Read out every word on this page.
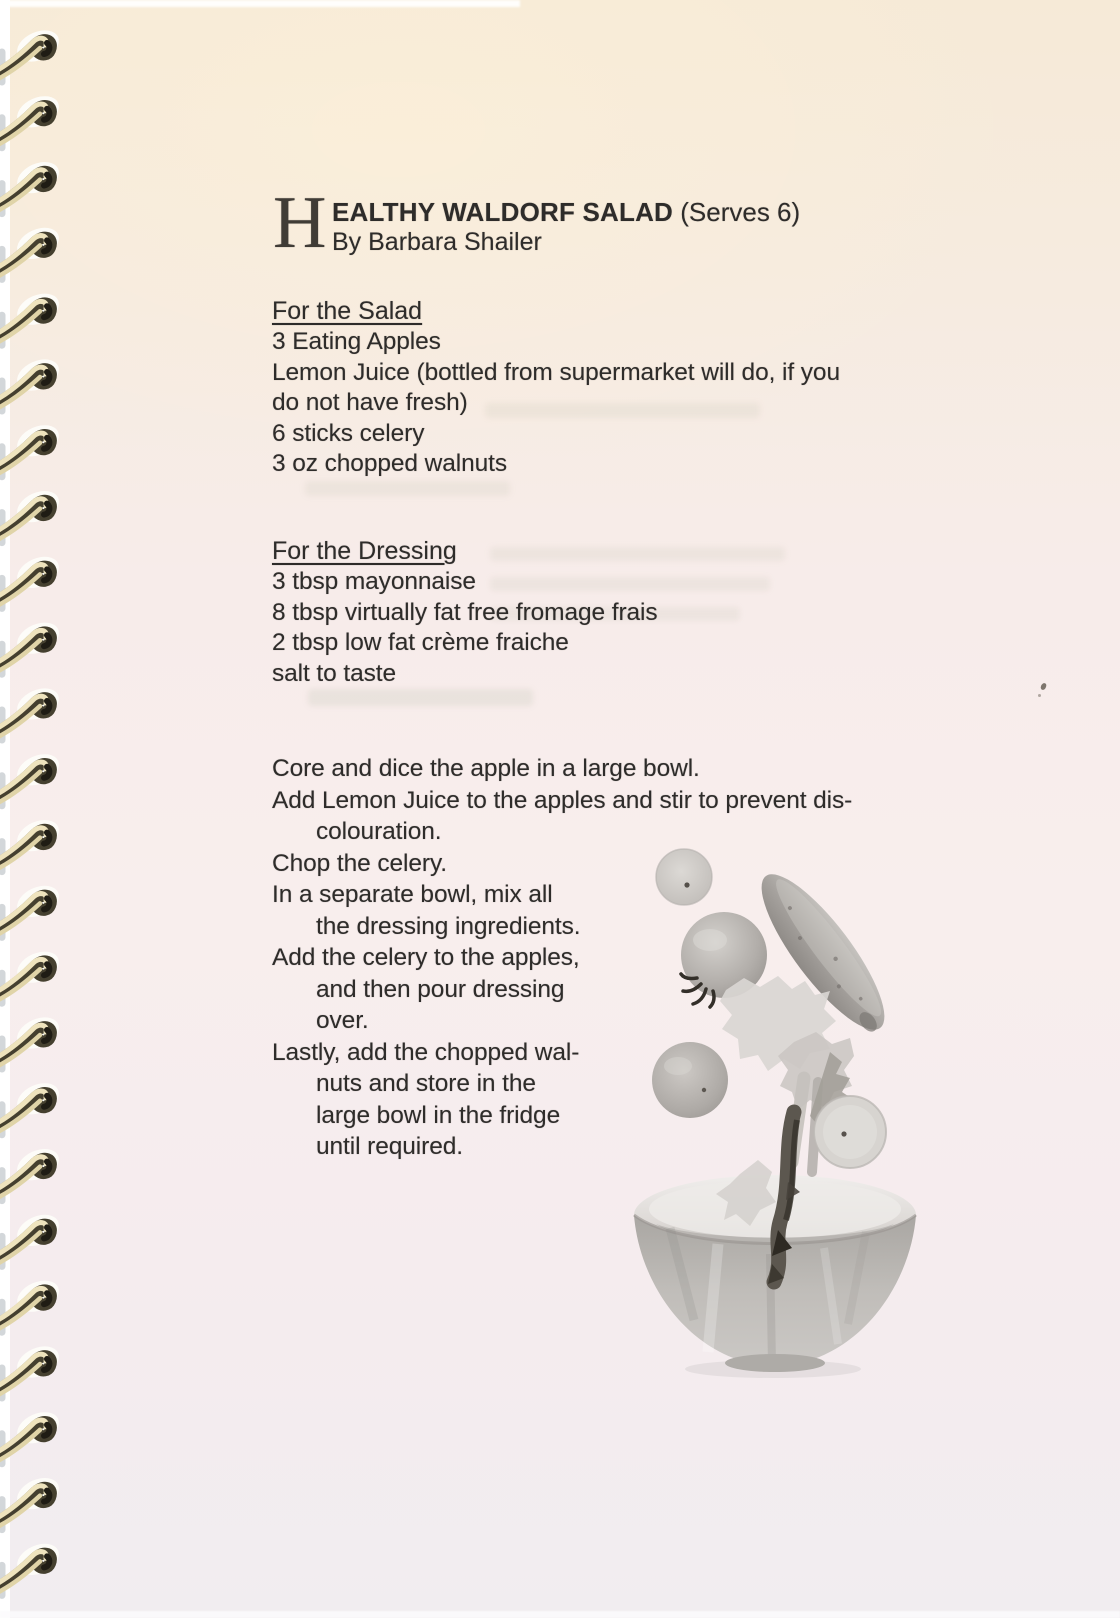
H EALTHY WALDORF SALAD (Serves 6)
By Barbara Shailer
For the Salad
3 Eating Apples
Lemon Juice (bottled from supermarket will do, if you
do not have fresh)
6 sticks celery
3 oz chopped walnuts
For the Dressing
3 tbsp mayonnaise
8 tbsp virtually fat free fromage frais
2 tbsp low fat crème fraiche
salt to taste
Core and dice the apple in a large bowl.
Add Lemon Juice to the apples and stir to prevent dis-
colouration.
Chop the celery.
In a separate bowl, mix all
the dressing ingredients.
Add the celery to the apples,
and then pour dressing
over.
Lastly, add the chopped wal-
nuts and store in the
large bowl in the fridge
until required.
